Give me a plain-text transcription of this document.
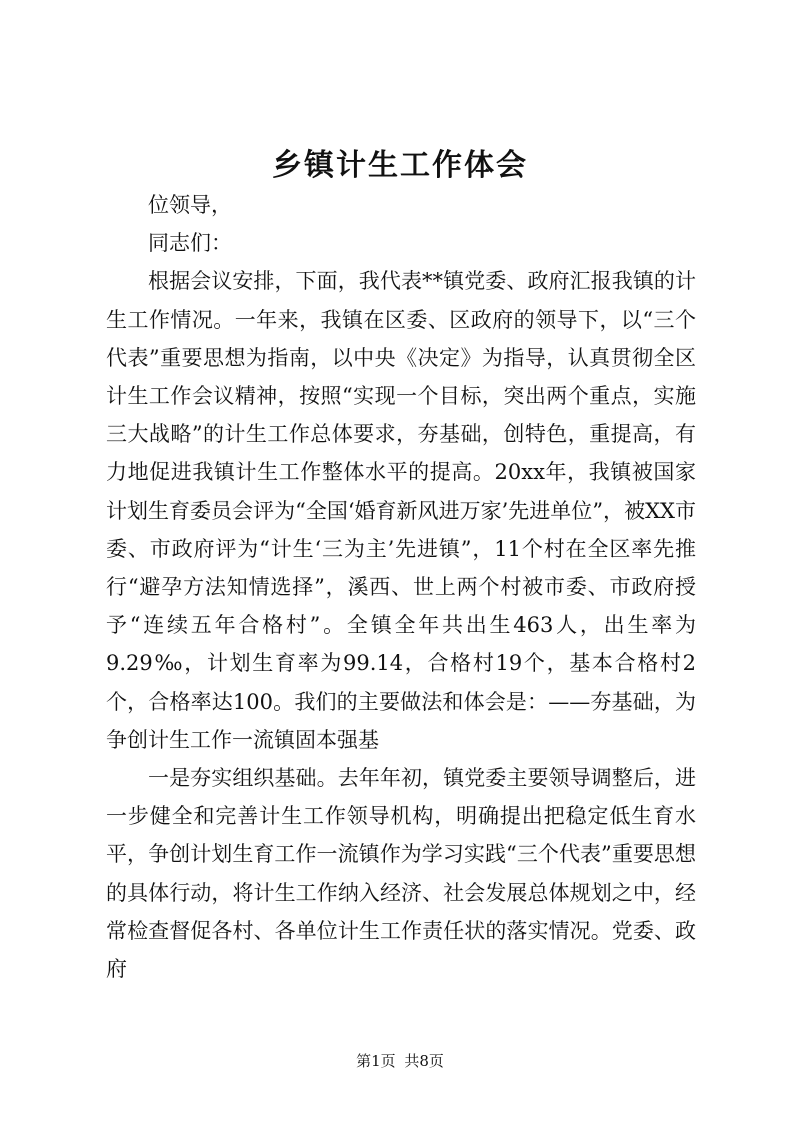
乡镇计生工作体会

位领导，

同志们：

根据会议安排，下面，我代表**镇党委、政府汇报我镇的计生工作情况。一年来，我镇在区委、区政府的领导下，以“三个代表”重要思想为指南，以中央《决定》为指导，认真贯彻全区计生工作会议精神，按照“实现一个目标，突出两个重点，实施三大战略”的计生工作总体要求，夯基础，创特色，重提高，有力地促进我镇计生工作整体水平的提高。20xx年，我镇被国家计划生育委员会评为“全国‘婚育新风进万家’先进单位”，被XX市委、市政府评为“计生‘三为主’先进镇”，11个村在全区率先推行“避孕方法知情选择”，溪西、世上两个村被市委、市政府授予“连续五年合格村”。全镇全年共出生463人，出生率为9.29‰，计划生育率为99.14，合格村19个，基本合格村2个，合格率达100。我们的主要做法和体会是：——夯基础，为争创计生工作一流镇固本强基

一是夯实组织基础。去年年初，镇党委主要领导调整后，进一步健全和完善计生工作领导机构，明确提出把稳定低生育水平，争创计划生育工作一流镇作为学习实践“三个代表”重要思想的具体行动，将计生工作纳入经济、社会发展总体规划之中，经常检查督促各村、各单位计生工作责任状的落实情况。党委、政府

第1页 共8页
